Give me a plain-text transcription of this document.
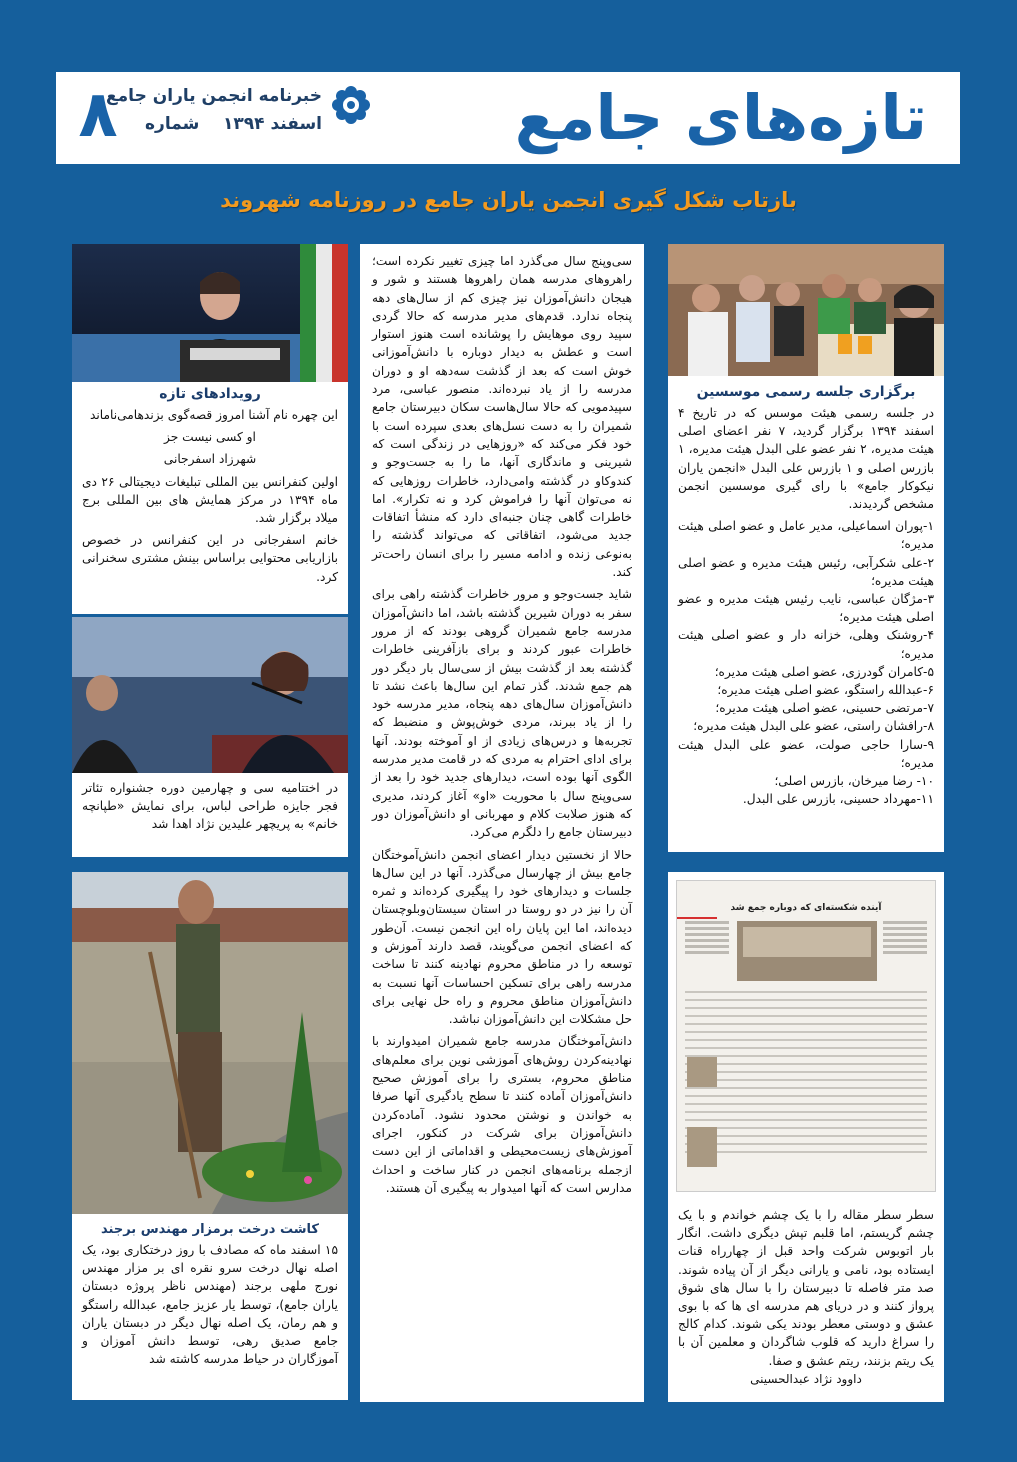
تازه‌های جامع
۸
خبرنامه انجمن یاران جامع
اسفند ۱۳۹۴    شماره
بازتاب شکل گیری انجمن یاران جامع در روزنامه شهروند
رویدادهای تازه

این چهره نام آشنا امروز قصه‌گوی بزندهامی‌ناماند

او کسی نیست جز

شهرزاد اسفرجانی

اولین کنفرانس بین المللی تبلیغات دیجیتالی ۲۶ دی ماه ۱۳۹۴ در مرکز همایش های بین المللی برج میلاد برگزار شد.

خانم اسفرجانی در این کنفرانس در خصوص بازاریابی محتوایی براساس بینش مشتری سخنرانی کرد.

در اختتامیه سی و چهارمین دوره جشنواره تئاتر فجر جایزه طراحی لباس، برای نمایش «طپانچه خانم» به پریچهر علیدین نژاد اهدا شد
کاشت درخت برمزار مهندس برجند
۱۵ اسفند ماه که مصادف با روز درختکاری بود، یک اصله نهال درخت سرو نقره ای بر مزار مهندس نورج ملهی برجند (مهندس ناظر پروژه دبستان یاران جامع)، توسط یار عزیز جامع، عبدالله راستگو و هم رمان، یک اصله نهال دیگر در دبستان یاران جامع صدیق رهی، توسط دانش آموزان و آموزگاران در حیاط مدرسه کاشته شد

سی‌وپنج سال می‌گذرد اما چیزی تغییر نکرده است؛ راهروهای مدرسه همان راهروها هستند و شور و هیجان دانش‌آموزان نیز چیزی کم از سال‌های دهه پنجاه ندارد. قدم‌های مدیر مدرسه که حالا گردی سپید روی موهایش را پوشانده است هنوز استوار است و عطش به دیدار دوباره با دانش‌آموزانی خوش است که بعد از گذشت سه‌دهه او و دوران مدرسه را از یاد نبرده‌اند. منصور عباسی، مرد سپیدمویی که حالا سال‌هاست سکان دبیرستان جامع شمیران را به دست نسل‌های بعدی سپرده است با خود فکر می‌کند که «روزهایی در زندگی است که شیرینی و ماندگاری آنها، ما را به جست‌وجو و کندوکاو در گذشته وامی‌دارد، خاطرات روزهایی که نه می‌توان آنها را فراموش کرد و نه تکرار». اما خاطرات گاهی چنان جنبه‌ای دارد که منشأ اتفاقات جدید می‌شود، اتفاقاتی که می‌تواند گذشته را به‌نوعی زنده و ادامه مسیر را برای انسان راحت‌تر کند.

شاید جست‌وجو و مرور خاطرات گذشته راهی برای سفر به دوران شیرین گذشته باشد، اما دانش‌آموزان مدرسه جامع شمیران گروهی بودند که از مرور خاطرات عبور کردند و برای بازآفرینی خاطرات گذشته بعد از گذشت بیش از سی‌سال بار دیگر دور هم جمع شدند. گذر تمام این سال‌ها باعث نشد تا دانش‌آموزان سال‌های دهه پنجاه، مدیر مدرسه خود را از یاد ببرند، مردی خوش‌پوش و منضبط که تجربه‌ها و درس‌های زیادی از او آموخته بودند. آنها برای ادای احترام به مردی که در قامت مدیر مدرسه الگوی آنها بوده است، دیدارهای جدید خود را بعد از سی‌وپنج سال با محوریت «او» آغاز کردند، مدیری که هنوز صلابت کلام و مهربانی او دانش‌آموزان دور دبیرستان جامع را دلگرم می‌کرد.

حالا از نخستین دیدار اعضای انجمن دانش‌آموختگان جامع بیش از چهارسال می‌گذرد. آنها در این سال‌ها جلسات و دیدارهای خود را پیگیری کرده‌اند و ثمره آن را نیز در دو روستا در استان سیستان‌وبلوچستان دیده‌اند، اما این پایان راه این انجمن نیست. آن‌طور که اعضای انجمن می‌گویند، قصد دارند آموزش و توسعه را در مناطق محروم نهادینه کنند تا ساخت مدرسه راهی برای تسکین احساسات آنها نسبت به دانش‌آموزان مناطق محروم و راه حل نهایی برای حل مشکلات این دانش‌آموزان نباشد.

دانش‌آموختگان مدرسه جامع شمیران امیدوارند با نهادینه‌کردن روش‌های آموزشی نوین برای معلم‌های مناطق محروم، بستری را برای آموزش صحیح دانش‌آموزان آماده کنند تا سطح یادگیری آنها صرفا به خواندن و نوشتن محدود نشود. آماده‌کردن دانش‌آموزان برای شرکت در کنکور، اجرای آموزش‌های زیست‌محیطی و اقداماتی از این دست ازجمله برنامه‌های انجمن در کنار ساخت و احداث مدارس است که آنها امیدوار به پیگیری آن هستند.

برگزاری جلسه رسمی موسسین
در جلسه رسمی هیئت موسس که در تاریخ ۴ اسفند ۱۳۹۴ برگزار گردید، ۷ نفر اعضای اصلی هیئت مدیره، ۲ نفر عضو علی البدل هیئت مدیره، ۱ بازرس اصلی و ۱ بازرس علی البدل «انجمن یاران نیکوکار جامع» با رای گیری موسسین انجمن مشخص گردیدند.
۱-پوران اسماعیلی، مدیر عامل و عضو اصلی هیئت مدیره؛
۲-علی شکرآبی، رئیس هیئت مدیره و عضو اصلی هیئت مدیره؛
۳-مژگان عباسی، نایب رئیس هیئت مدیره و عضو اصلی هیئت مدیره؛
۴-روشنک وهلی، خزانه دار و عضو اصلی هیئت مدیره؛
۵-کامران گودرزی، عضو اصلی هیئت مدیره؛
۶-عبدالله راستگو، عضو اصلی هیئت مدیره؛
۷-مرتضی حسینی، عضو اصلی هیئت مدیره؛
۸-رافشان راستی، عضو علی البدل هیئت مدیره؛
۹-سارا حاجی صولت، عضو علی البدل هیئت مدیره؛
۱۰- رضا میرخان، بازرس اصلی؛
۱۱-مهرداد حسینی، بازرس علی البدل.
آینده شکسته‌ای که دوباره جمع شد
سطر سطر مقاله را با یک چشم خواندم و با یک چشم گریستم، اما قلبم تپش دیگری داشت. انگار بار اتوبوس شرکت واحد قبل از چهارراه قنات ایستاده بود، نامی و یارانی دیگر از آن پیاده شوند. صد متر فاصله تا دبیرستان را با سال های شوق پرواز کنند و در دریای هم مدرسه ای ها که با بوی عشق و دوستی معطر بودند یکی شوند. کدام کالج را سراغ دارید که قلوب شاگردان و معلمین آن با یک ریتم بزنند، ریتم عشق و صفا.
داوود نژاد عبدالحسینی
